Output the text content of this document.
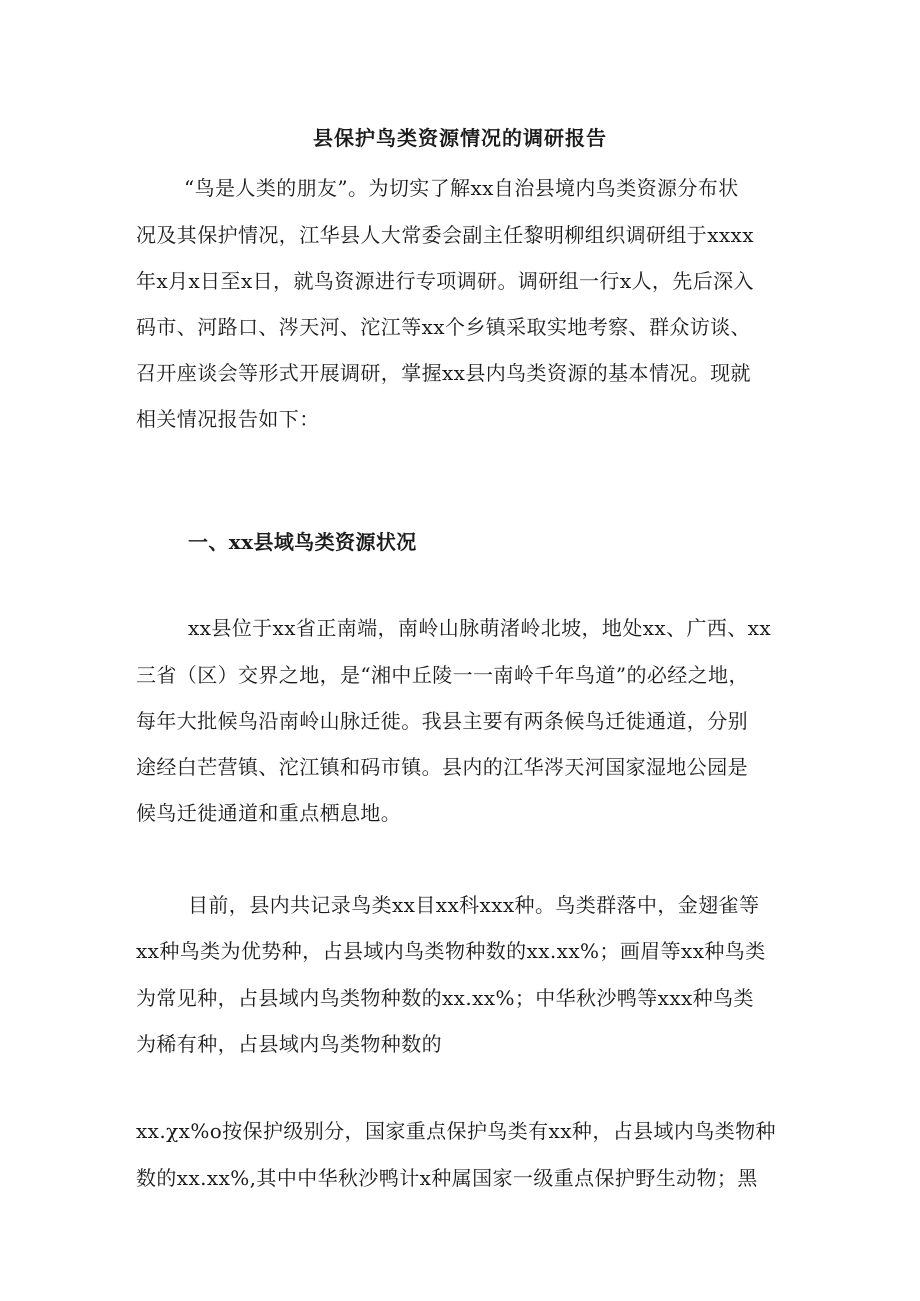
县保护鸟类资源情况的调研报告
“鸟是人类的朋友”。为切实了解xx自治县境内鸟类资源分布状
况及其保护情况，江华县人大常委会副主任黎明柳组织调研组于xxxx
年x月x日至x日，就鸟资源进行专项调研。调研组一行x人，先后深入
码市、河路口、涔天河、沱江等xx个乡镇采取实地考察、群众访谈、
召开座谈会等形式开展调研，掌握xx县内鸟类资源的基本情况。现就
相关情况报告如下：
一、xx县域鸟类资源状况
xx县位于xx省正南端，南岭山脉萌渚岭北坡，地处xx、广西、xx
三省（区）交界之地，是“湘中丘陵一一南岭千年鸟道”的必经之地，
每年大批候鸟沿南岭山脉迁徙。我县主要有两条候鸟迁徙通道，分别
途经白芒营镇、沱江镇和码市镇。县内的江华涔天河国家湿地公园是
候鸟迁徙通道和重点栖息地。
目前，县内共记录鸟类xx目xx科xxx种。鸟类群落中，金翅雀等
xx种鸟类为优势种，占县域内鸟类物种数的xx.xx%；画眉等xx种鸟类
为常见种，占县域内鸟类物种数的xx.xx%；中华秋沙鸭等xxx种鸟类
为稀有种，占县域内鸟类物种数的
xx.χx%o按保护级别分，国家重点保护鸟类有xx种，占县域内鸟类物种
数的xx.xx%,其中中华秋沙鸭计x种属国家一级重点保护野生动物；黑
